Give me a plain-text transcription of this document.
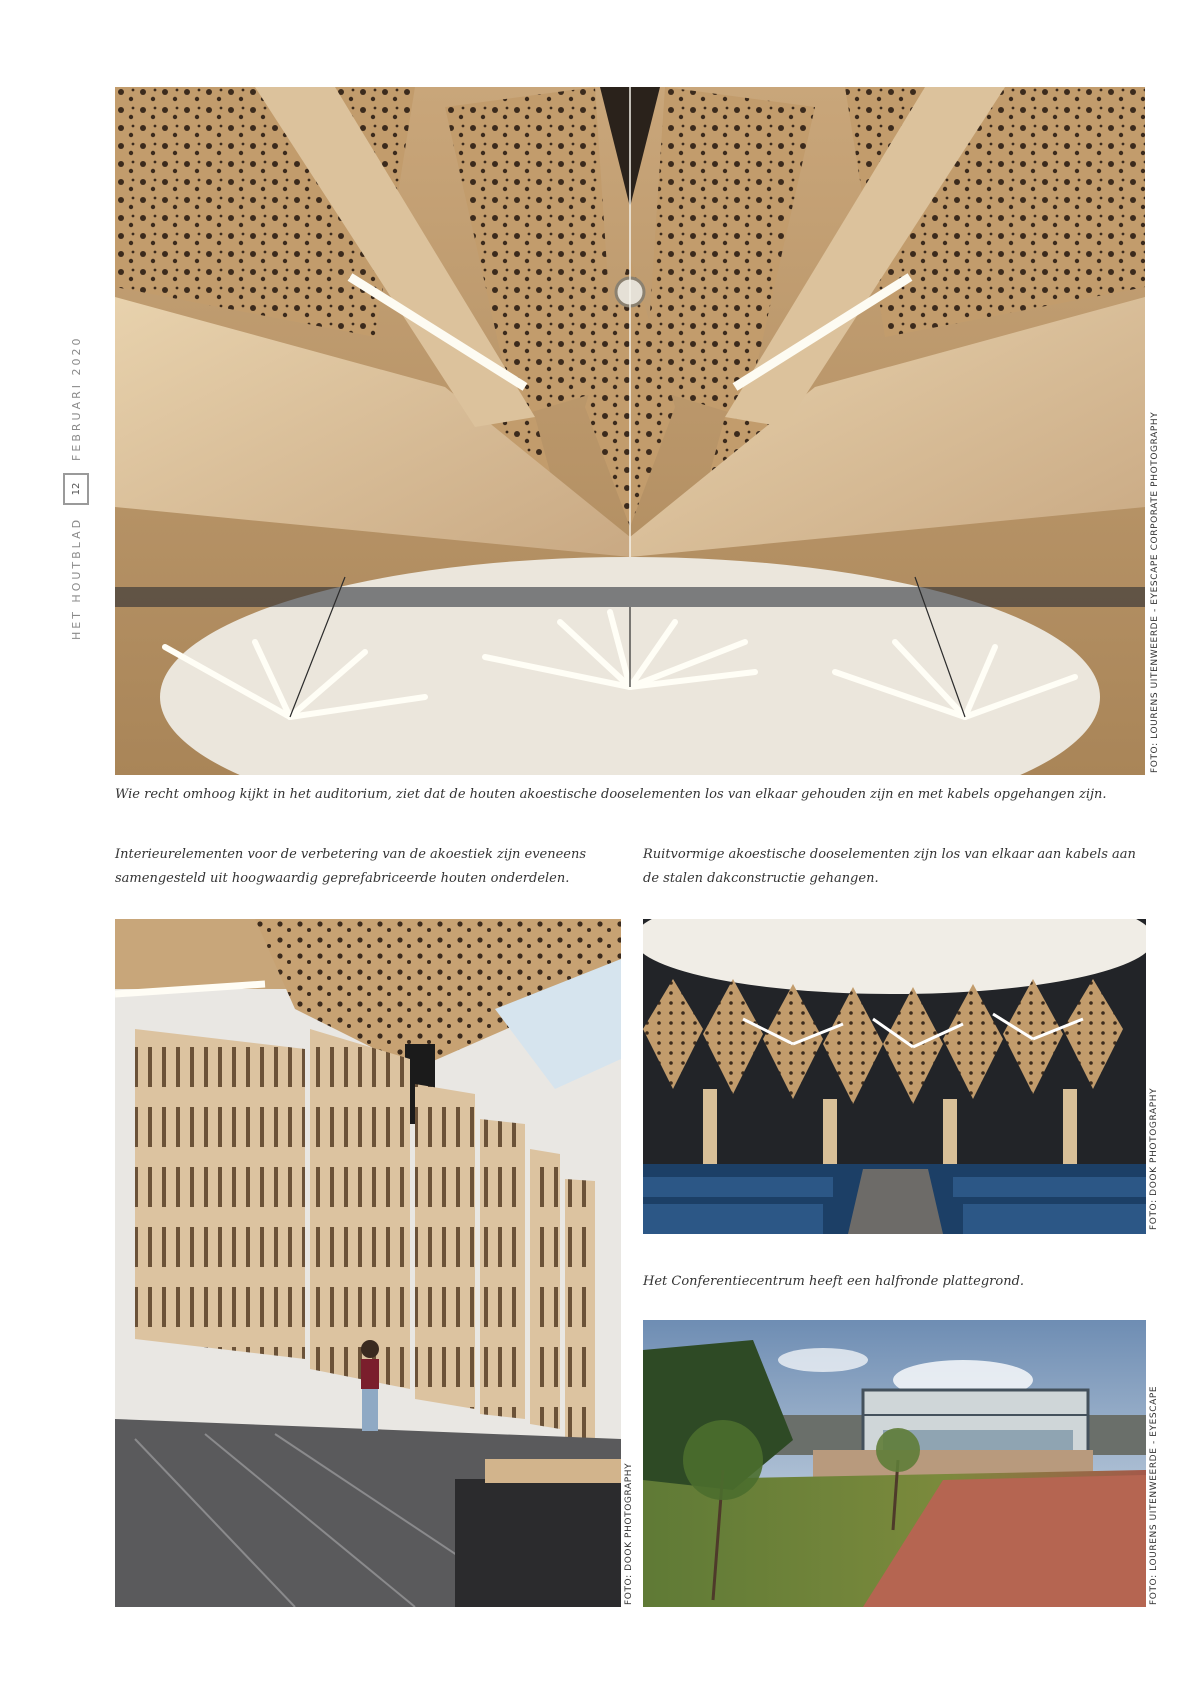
HET HOUTBLAD
12
FEBRUARI 2020
FOTO: LOURENS UITENWEERDE - EYESCAPE CORPORATE PHOTOGRAPHY
Wie recht omhoog kijkt in het auditorium, ziet dat de houten akoestische dooselementen los van elkaar gehouden zijn en met kabels opgehangen zijn.
Interieurelementen voor de verbetering van de akoestiek zijn eveneens samengesteld uit hoogwaardig geprefabriceerde houten onderdelen.
Ruitvormige akoestische dooselementen zijn los van elkaar aan kabels aan de stalen dakconstructie gehangen.
FOTO: DOOK PHOTOGRAPHY
FOTO: DOOK PHOTOGRAPHY
Het Conferentiecentrum heeft een halfronde plattegrond.
FOTO: LOURENS UITENWEERDE - EYESCAPE
